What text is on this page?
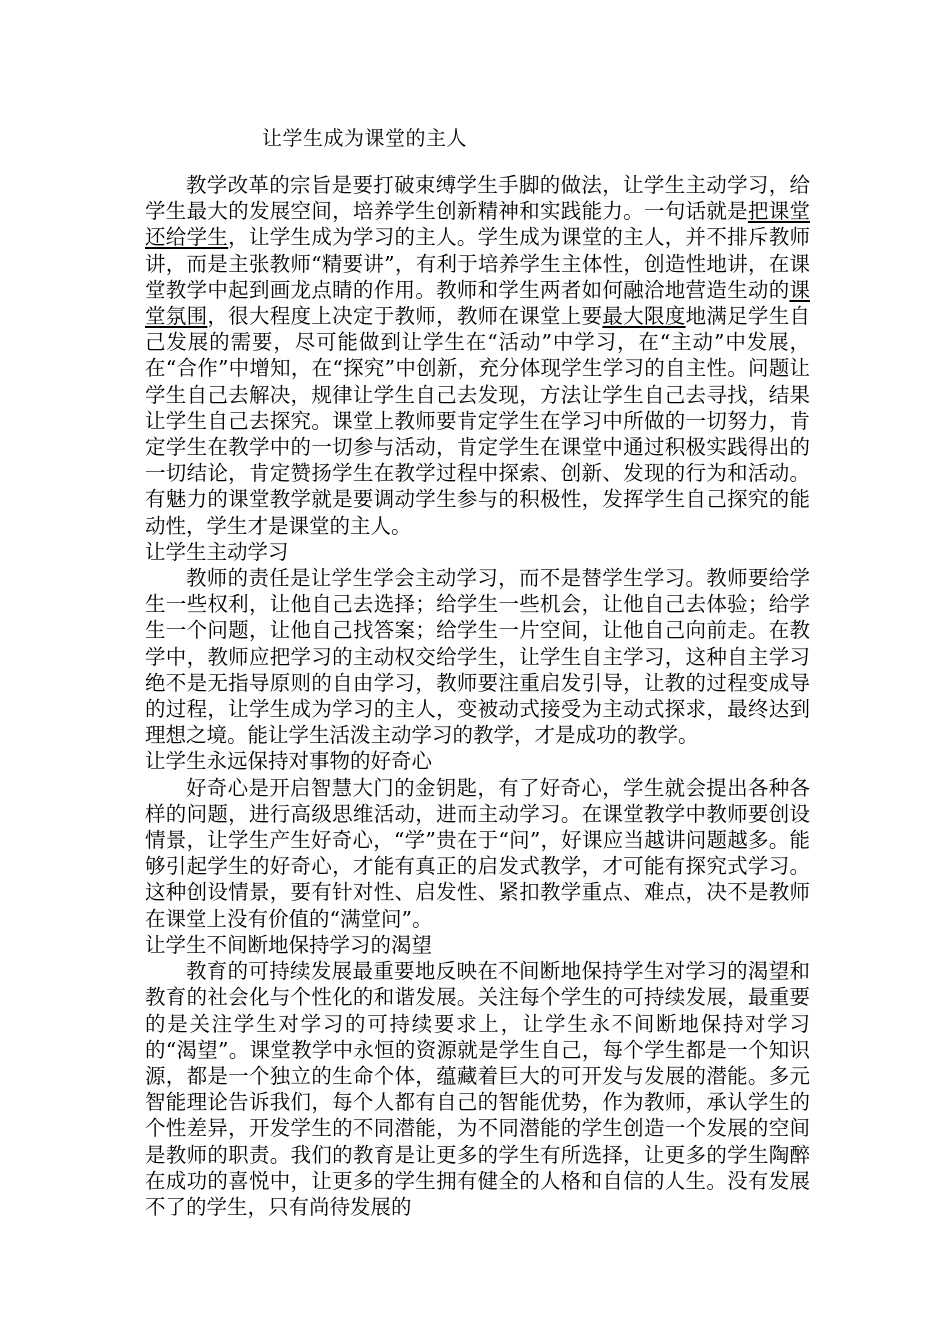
让学生成为课堂的主人

教学改革的宗旨是要打破束缚学生手脚的做法，让学生主动学习，给学生最大的发展空间，培养学生创新精神和实践能力。一句话就是把课堂还给学生，让学生成为学习的主人。学生成为课堂的主人，并不排斥教师讲，而是主张教师“精要讲”，有利于培养学生主体性，创造性地讲，在课堂教学中起到画龙点睛的作用。教师和学生两者如何融洽地营造生动的课堂氛围，很大程度上决定于教师，教师在课堂上要最大限度地满足学生自己发展的需要，尽可能做到让学生在“活动”中学习，在“主动”中发展，在“合作”中增知，在“探究”中创新，充分体现学生学习的自主性。问题让学生自己去解决，规律让学生自己去发现，方法让学生自己去寻找，结果让学生自己去探究。课堂上教师要肯定学生在学习中所做的一切努力，肯定学生在教学中的一切参与活动，肯定学生在课堂中通过积极实践得出的一切结论，肯定赞扬学生在教学过程中探索、创新、发现的行为和活动。有魅力的课堂教学就是要调动学生参与的积极性，发挥学生自己探究的能动性，学生才是课堂的主人。

让学生主动学习

教师的责任是让学生学会主动学习，而不是替学生学习。教师要给学生一些权利，让他自己去选择；给学生一些机会，让他自己去体验；给学生一个问题，让他自己找答案；给学生一片空间，让他自己向前走。在教学中，教师应把学习的主动权交给学生，让学生自主学习，这种自主学习绝不是无指导原则的自由学习，教师要注重启发引导，让教的过程变成导的过程，让学生成为学习的主人，变被动式接受为主动式探求，最终达到理想之境。能让学生活泼主动学习的教学，才是成功的教学。

让学生永远保持对事物的好奇心

好奇心是开启智慧大门的金钥匙，有了好奇心，学生就会提出各种各样的问题，进行高级思维活动，进而主动学习。在课堂教学中教师要创设情景，让学生产生好奇心，“学”贵在于“问”，好课应当越讲问题越多。能够引起学生的好奇心，才能有真正的启发式教学，才可能有探究式学习。这种创设情景，要有针对性、启发性、紧扣教学重点、难点，决不是教师在课堂上没有价值的“满堂问”。

让学生不间断地保持学习的渴望

教育的可持续发展最重要地反映在不间断地保持学生对学习的渴望和教育的社会化与个性化的和谐发展。关注每个学生的可持续发展，最重要的是关注学生对学习的可持续要求上，让学生永不间断地保持对学习的“渴望”。课堂教学中永恒的资源就是学生自己，每个学生都是一个知识源，都是一个独立的生命个体，蕴藏着巨大的可开发与发展的潜能。多元智能理论告诉我们，每个人都有自己的智能优势，作为教师，承认学生的个性差异，开发学生的不同潜能，为不同潜能的学生创造一个发展的空间是教师的职责。我们的教育是让更多的学生有所选择，让更多的学生陶醉在成功的喜悦中，让更多的学生拥有健全的人格和自信的人生。没有发展不了的学生，只有尚待发展的
